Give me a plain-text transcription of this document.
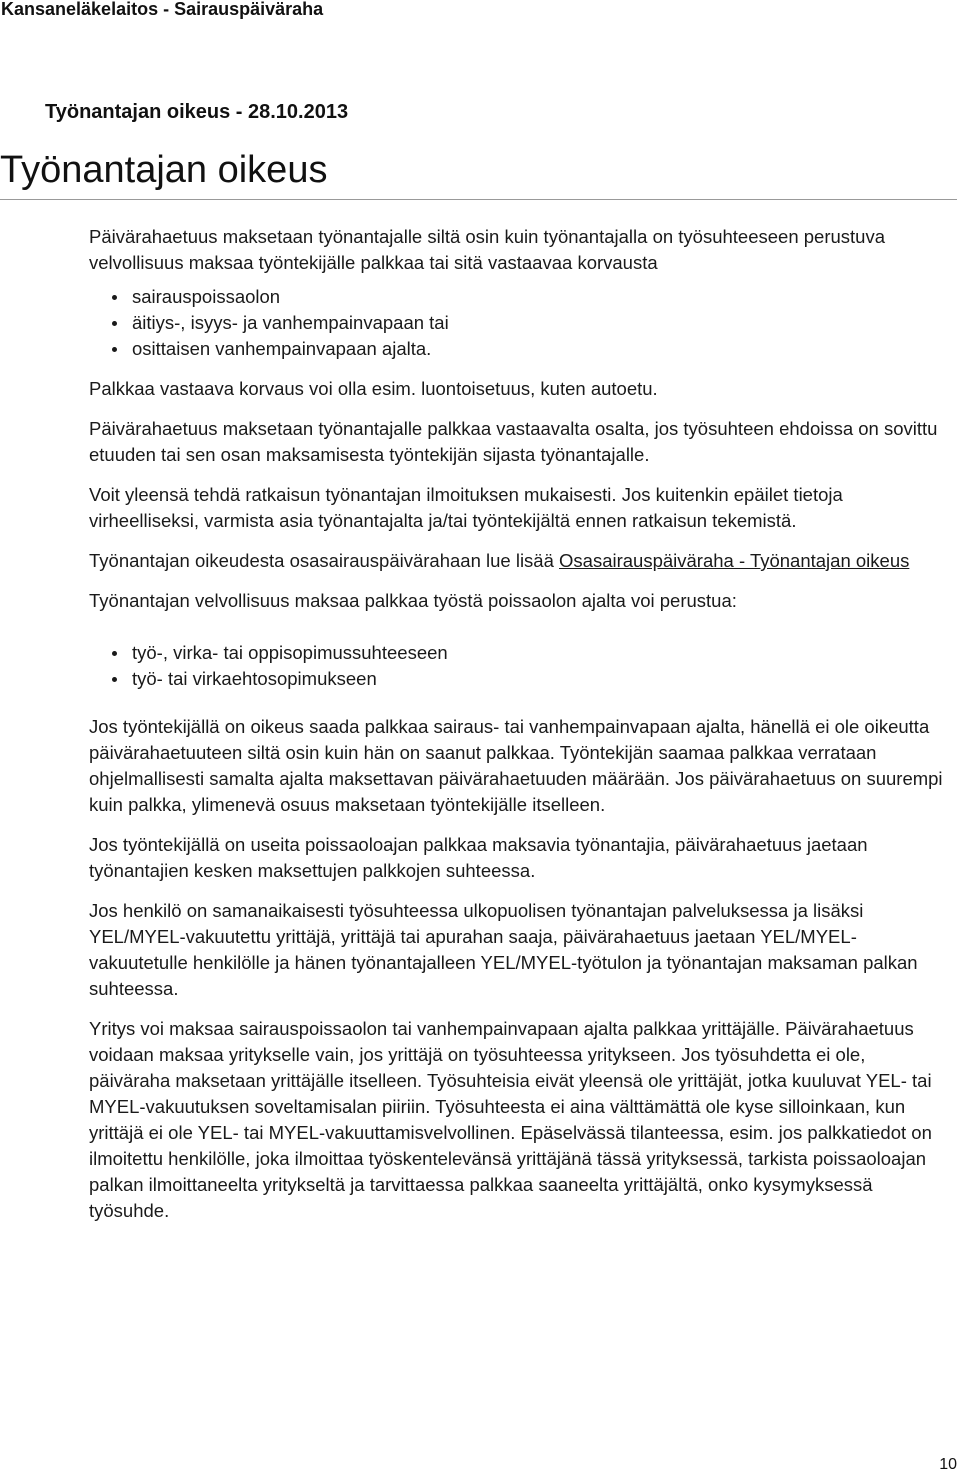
Kansaneläkelaitos - Sairauspäiväraha
Työnantajan oikeus - 28.10.2013
Työnantajan oikeus

Päivärahaetuus maksetaan työnantajalle siltä osin kuin työnantajalla on työsuhteeseen perustuva velvollisuus maksaa työntekijälle palkkaa tai sitä vastaavaa korvausta

sairauspoissaolon
äitiys-, isyys- ja vanhempainvapaan tai
osittaisen vanhempainvapaan ajalta.

Palkkaa vastaava korvaus voi olla esim. luontoisetuus, kuten autoetu.

Päivärahaetuus maksetaan työnantajalle palkkaa vastaavalta osalta, jos työsuhteen ehdoissa on sovittu etuuden tai sen osan maksamisesta työntekijän sijasta työnantajalle.

Voit yleensä tehdä ratkaisun työnantajan ilmoituksen mukaisesti. Jos kuitenkin epäilet tietoja virheelliseksi, varmista asia työnantajalta ja/tai työntekijältä ennen ratkaisun tekemistä.

Työnantajan oikeudesta osasairauspäivärahaan lue lisää Osasairauspäiväraha - Työnantajan oikeus

Työnantajan velvollisuus maksaa palkkaa työstä poissaolon ajalta voi perustua:

työ-, virka- tai oppisopimussuhteeseen
työ- tai virkaehtosopimukseen

Jos työntekijällä on oikeus saada palkkaa sairaus- tai vanhempainvapaan ajalta, hänellä ei ole oikeutta päivärahaetuuteen siltä osin kuin hän on saanut palkkaa. Työntekijän saamaa palkkaa verrataan ohjelmallisesti samalta ajalta maksettavan päivärahaetuuden määrään. Jos päivärahaetuus on suurempi kuin palkka, ylimenevä osuus maksetaan työntekijälle itselleen.

Jos työntekijällä on useita poissaoloajan palkkaa maksavia työnantajia, päivärahaetuus jaetaan työnantajien kesken maksettujen palkkojen suhteessa.

Jos henkilö on samanaikaisesti työsuhteessa ulkopuolisen työnantajan palveluksessa ja lisäksi YEL/MYEL-vakuutettu yrittäjä, yrittäjä tai apurahan saaja, päivärahaetuus jaetaan YEL/MYEL-vakuutetulle henkilölle ja hänen työnantajalleen YEL/MYEL-työtulon ja työnantajan maksaman palkan suhteessa.

Yritys voi maksaa sairauspoissaolon tai vanhempainvapaan ajalta palkkaa yrittäjälle. Päivärahaetuus voidaan maksaa yritykselle vain, jos yrittäjä on työsuhteessa yritykseen. Jos työsuhdetta ei ole, päiväraha maksetaan yrittäjälle itselleen. Työsuhteisia eivät yleensä ole yrittäjät, jotka kuuluvat YEL- tai MYEL-vakuutuksen soveltamisalan piiriin. Työsuhteesta ei aina välttämättä ole kyse silloinkaan, kun yrittäjä ei ole YEL- tai MYEL-vakuuttamisvelvollinen. Epäselvässä tilanteessa, esim. jos palkkatiedot on ilmoitettu henkilölle, joka ilmoittaa työskentelevänsä yrittäjänä tässä yrityksessä, tarkista poissaoloajan palkan ilmoittaneelta yritykseltä ja tarvittaessa palkkaa saaneelta yrittäjältä, onko kysymyksessä työsuhde.

10
